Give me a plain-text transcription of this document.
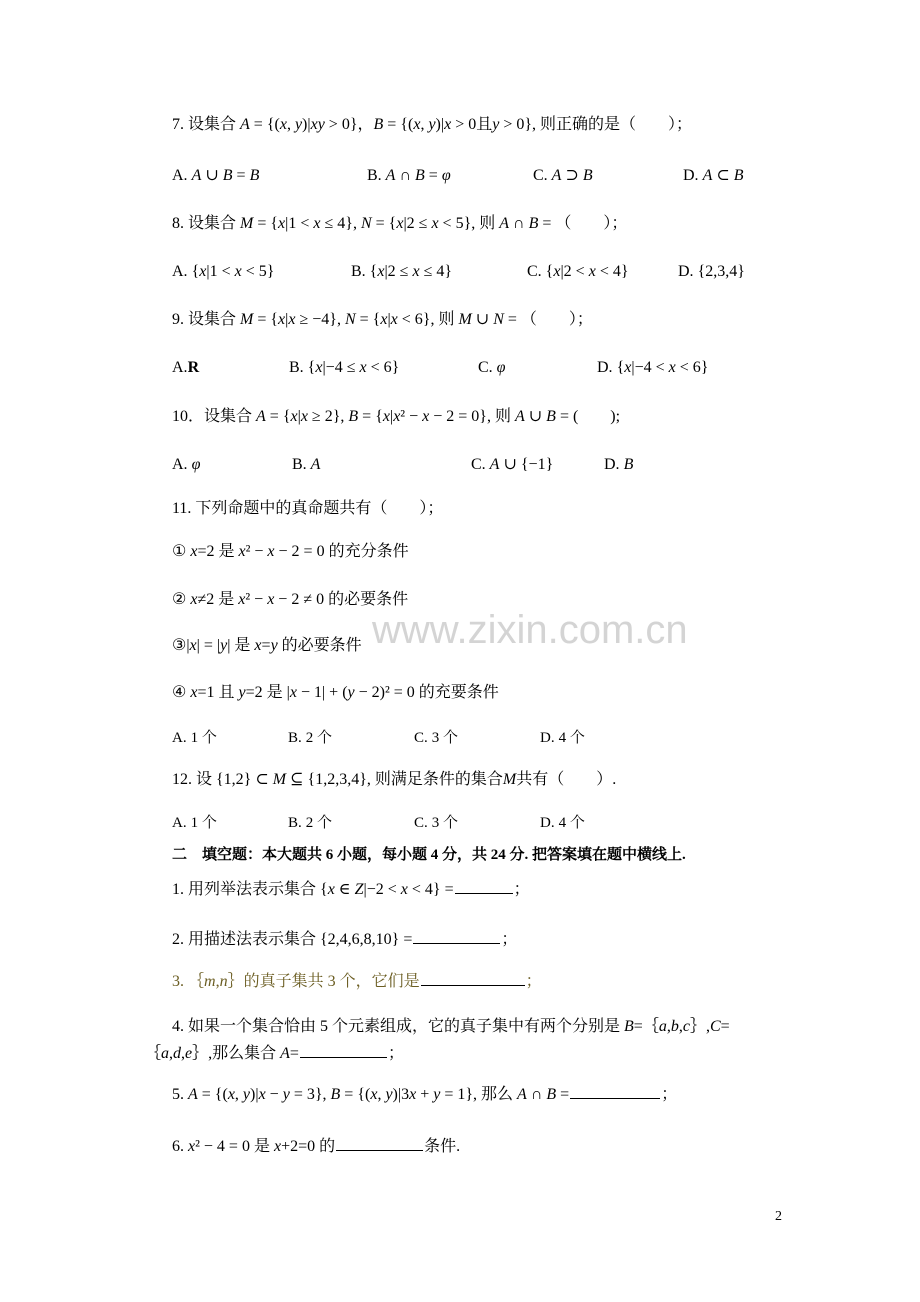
www.zixin.com.cn
7. 设集合 A = {(x, y)|xy > 0}，B = {(x, y)|x > 0且y > 0}, 则正确的是（　　）；
A. A ∪ B = B	B. A ∩ B = φ	C. A ⊃ B	D. A ⊂ B
8. 设集合 M = {x|1 < x ≤ 4}, N = {x|2 ≤ x < 5}, 则 A ∩ B = （　　）；
A. {x|1 < x < 5}	B. {x|2 ≤ x ≤ 4}	C. {x|2 < x < 4}	D. {2,3,4}
9. 设集合 M = {x|x ≥ −4}, N = {x|x < 6}, 则 M ∪ N = （　　）；
A.R	B. {x|−4 ≤ x < 6}	C. φ	D. {x|−4 < x < 6}
10．设集合 A = {x|x ≥ 2}, B = {x|x² − x − 2 = 0}, 则 A ∪ B = (　　);
A. φ	B. A	C. A ∪ {−1}	D. B
11. 下列命题中的真命题共有（　　）；
① x=2 是 x² − x − 2 = 0 的充分条件
② x≠2 是 x² − x − 2 ≠ 0 的必要条件
③|x| = |y| 是 x=y 的必要条件
④ x=1 且 y=2 是 |x − 1| + (y − 2)² = 0 的充要条件
A. 1 个	B. 2 个	C. 3 个	D. 4 个
12. 设 {1,2} ⊂ M ⊆ {1,2,3,4}, 则满足条件的集合M共有（　　）.
A. 1 个	B. 2 个	C. 3 个	D. 4 个
二　填空题：本大题共 6 小题，每小题 4 分，共 24 分. 把答案填在题中横线上.
1. 用列举法表示集合 {x ∈ Z|−2 < x < 4} =	；
2. 用描述法表示集合 {2,4,6,8,10} =	；
3. ｛m,n｝的真子集共 3 个，它们是	；
4. 如果一个集合恰由 5 个元素组成，它的真子集中有两个分别是 B=｛a,b,c｝,C=
｛a,d,e｝,那么集合 A=	；
5. A = {(x, y)|x − y = 3}, B = {(x, y)|3x + y = 1}, 那么 A ∩ B =	；
6. x² − 4 = 0 是 x+2=0 的	条件.
2
